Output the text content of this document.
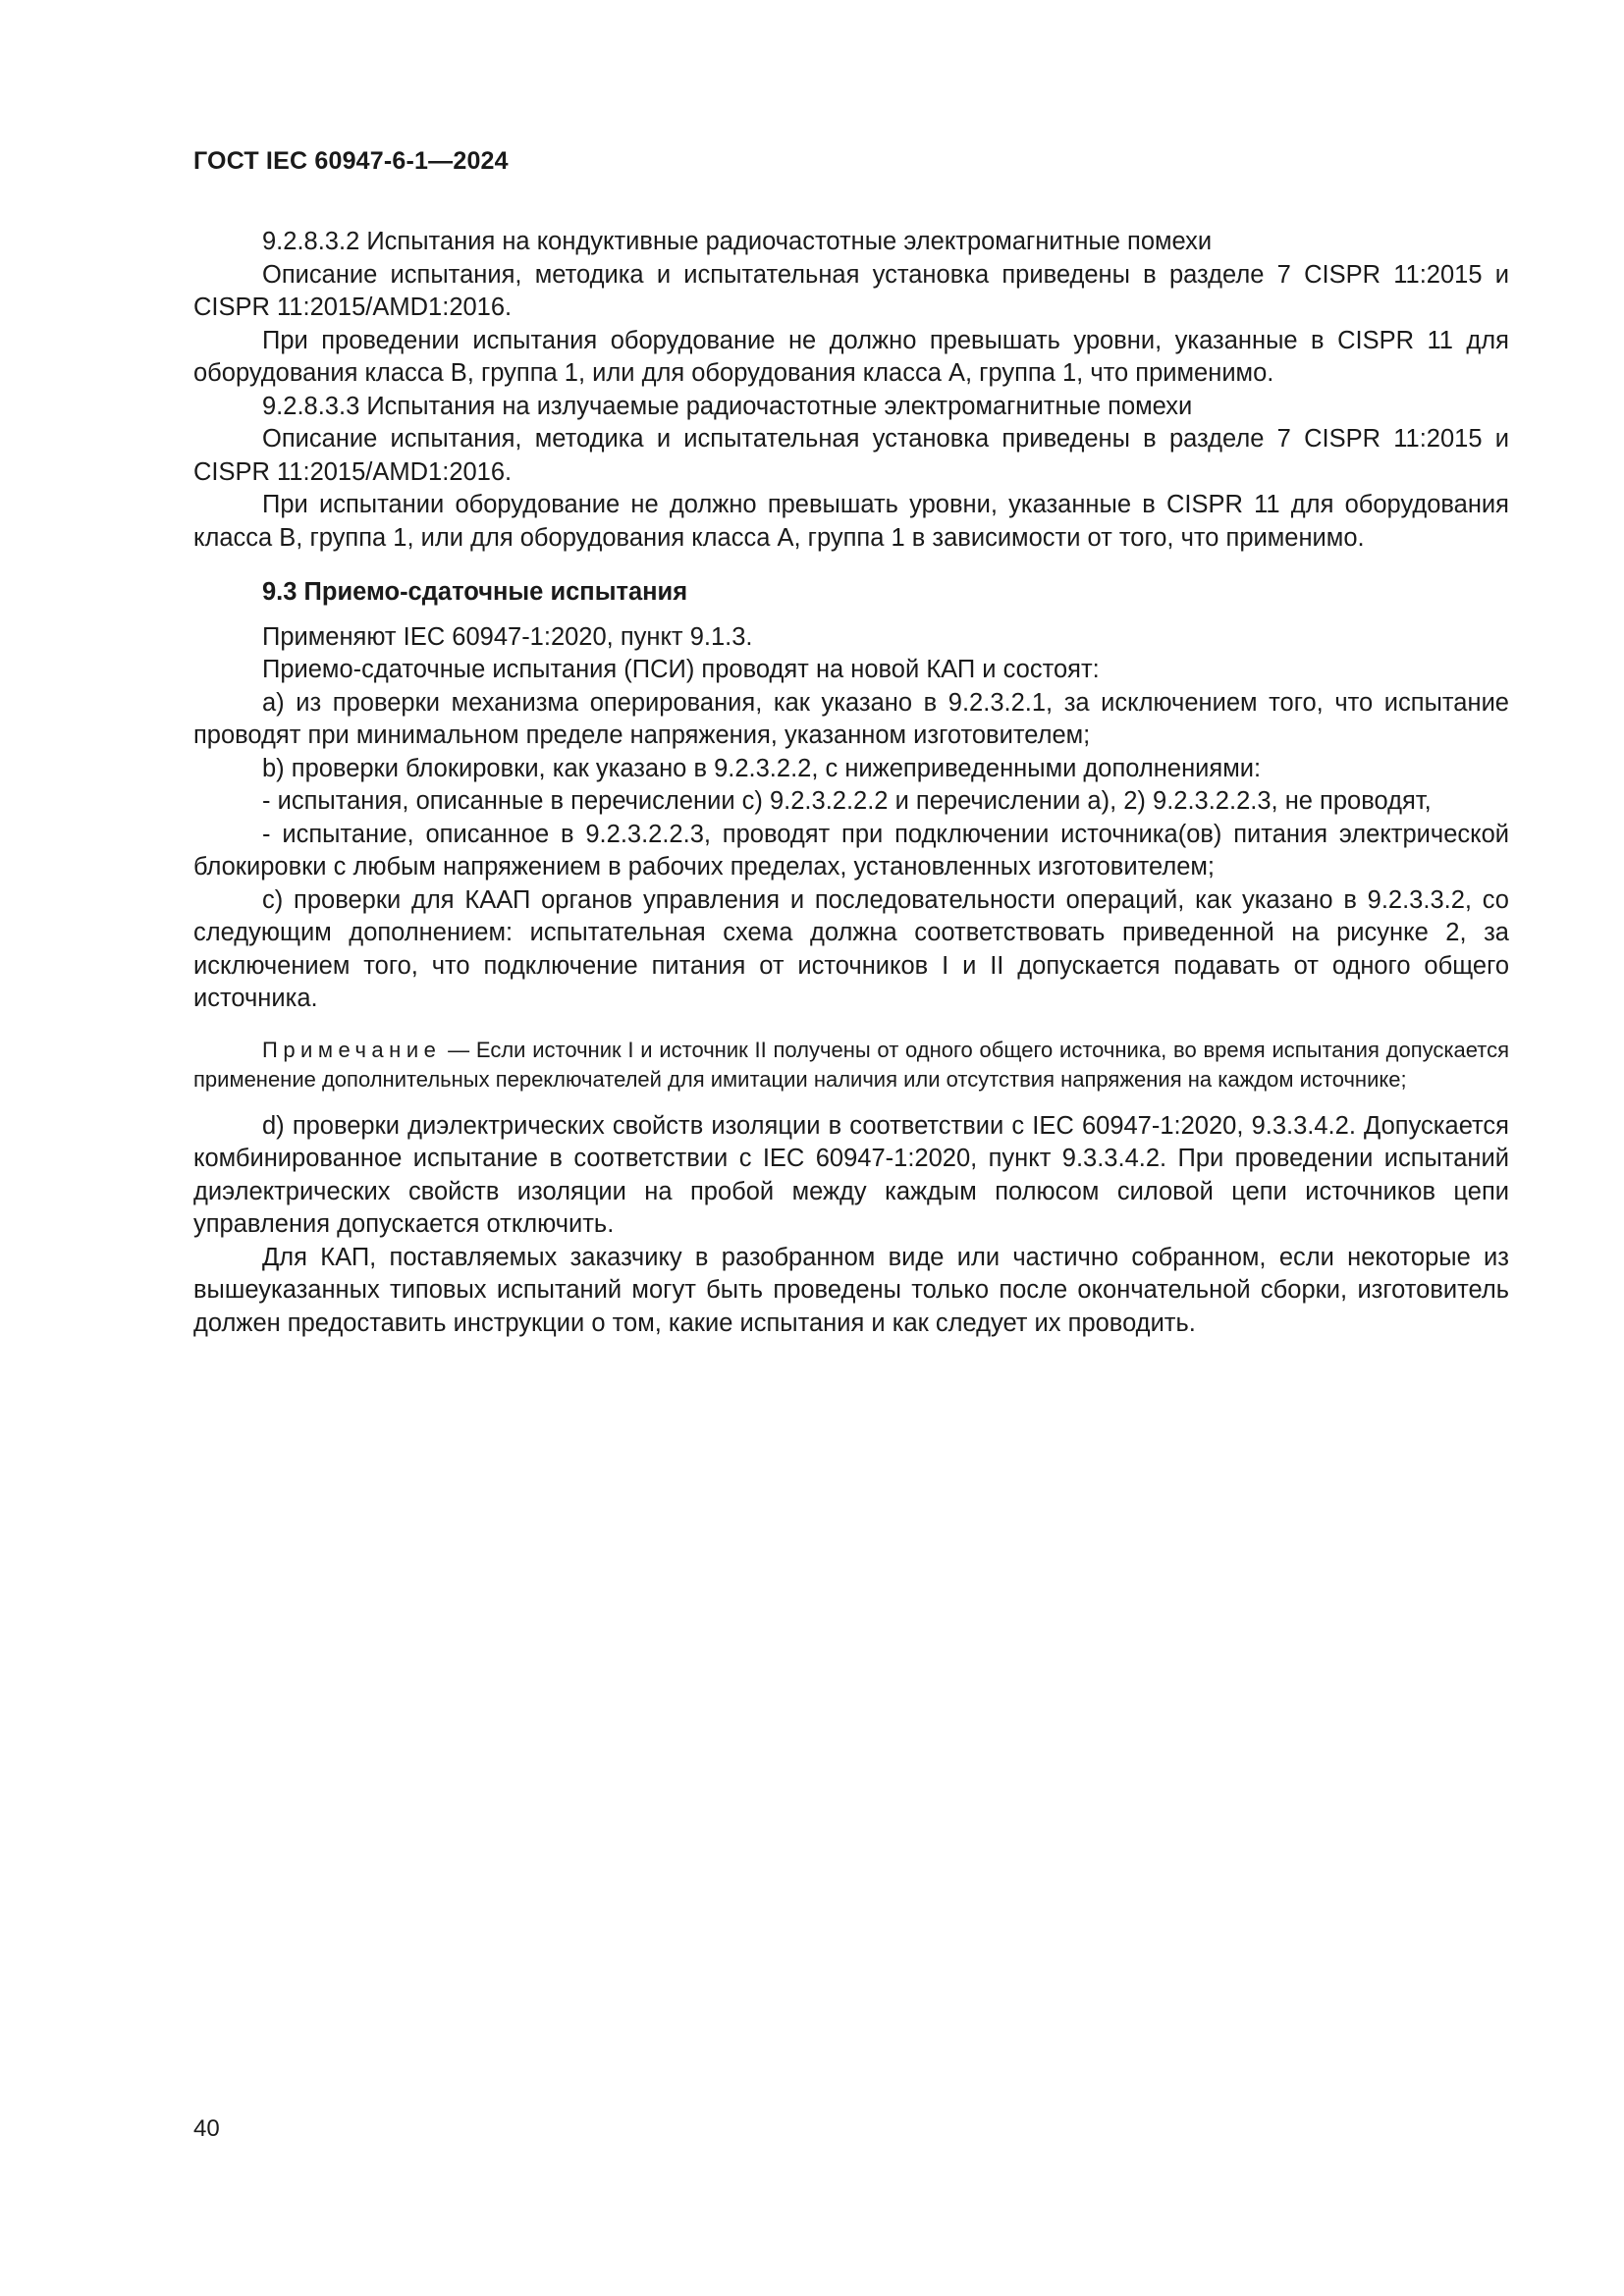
ГОСТ IEC 60947-6-1—2024

9.2.8.3.2 Испытания на кондуктивные радиочастотные электромагнитные помехи

Описание испытания, методика и испытательная установка приведены в разделе 7 CISPR 11:2015 и CISPR 11:2015/AMD1:2016.

При проведении испытания оборудование не должно превышать уровни, указанные в CISPR 11 для оборудования класса B, группа 1, или для оборудования класса А, группа 1, что применимо.

9.2.8.3.3 Испытания на излучаемые радиочастотные электромагнитные помехи

Описание испытания, методика и испытательная установка приведены в разделе 7 CISPR 11:2015 и CISPR 11:2015/AMD1:2016.

При испытании оборудование не должно превышать уровни, указанные в CISPR 11 для оборудования класса B, группа 1, или для оборудования класса А, группа 1 в зависимости от того, что применимо.

9.3 Приемо-сдаточные испытания

Применяют IEC 60947-1:2020, пункт 9.1.3.

Приемо-сдаточные испытания (ПСИ) проводят на новой КАП и состоят:

a) из проверки механизма оперирования, как указано в 9.2.3.2.1, за исключением того, что испытание проводят при минимальном пределе напряжения, указанном изготовителем;

b) проверки блокировки, как указано в 9.2.3.2.2, с нижеприведенными дополнениями:

- испытания, описанные в перечислении c) 9.2.3.2.2.2 и перечислении a), 2) 9.2.3.2.2.3, не проводят,

- испытание, описанное в 9.2.3.2.2.3, проводят при подключении источника(ов) питания электрической блокировки с любым напряжением в рабочих пределах, установленных изготовителем;

c) проверки для КААП органов управления и последовательности операций, как указано в 9.2.3.3.2, со следующим дополнением: испытательная схема должна соответствовать приведенной на рисунке 2, за исключением того, что подключение питания от источников I и II допускается подавать от одного общего источника.

Примечание — Если источник I и источник II получены от одного общего источника, во время испытания допускается применение дополнительных переключателей для имитации наличия или отсутствия напряжения на каждом источнике;

d) проверки диэлектрических свойств изоляции в соответствии с IEC 60947-1:2020, 9.3.3.4.2. Допускается комбинированное испытание в соответствии с IEC 60947-1:2020, пункт 9.3.3.4.2. При проведении испытаний диэлектрических свойств изоляции на пробой между каждым полюсом силовой цепи источников цепи управления допускается отключить.

Для КАП, поставляемых заказчику в разобранном виде или частично собранном, если некоторые из вышеуказанных типовых испытаний могут быть проведены только после окончательной сборки, изготовитель должен предоставить инструкции о том, какие испытания и как следует их проводить.

40
